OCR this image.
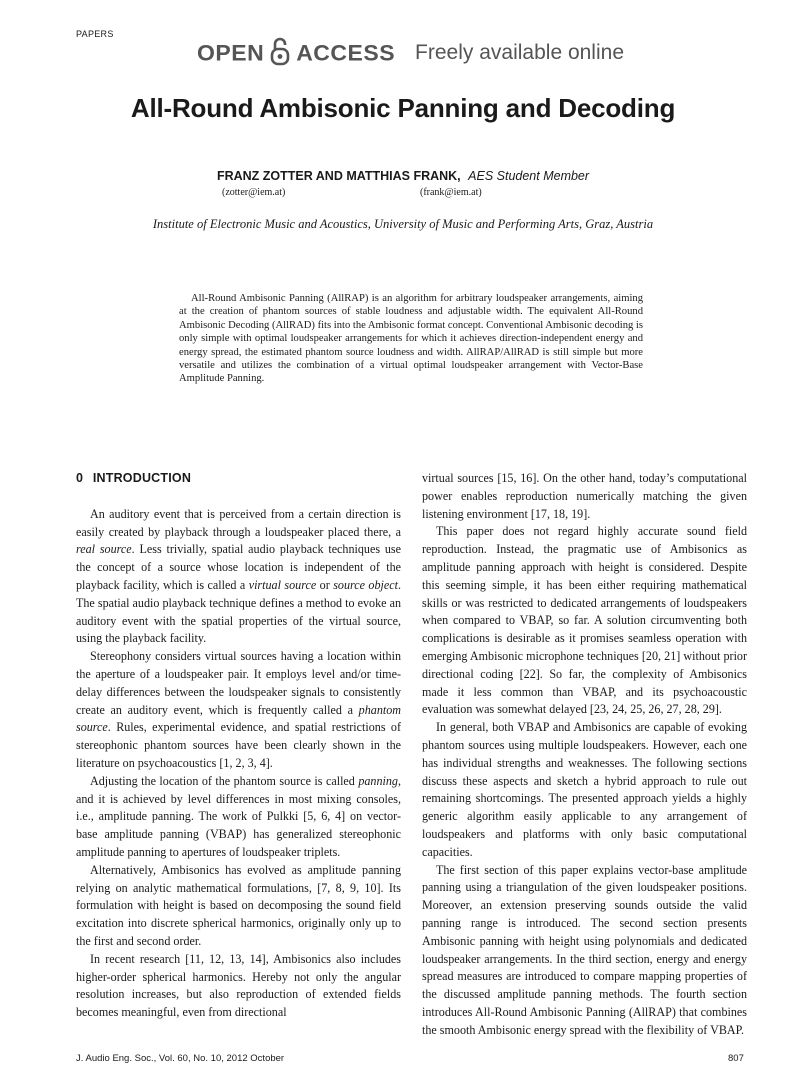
PAPERS
OPEN ACCESS Freely available online
All-Round Ambisonic Panning and Decoding
FRANZ ZOTTER AND MATTHIAS FRANK, AES Student Member
(zotter@iem.at)	(frank@iem.at)
Institute of Electronic Music and Acoustics, University of Music and Performing Arts, Graz, Austria
All-Round Ambisonic Panning (AllRAP) is an algorithm for arbitrary loudspeaker arrangements, aiming at the creation of phantom sources of stable loudness and adjustable width. The equivalent All-Round Ambisonic Decoding (AllRAD) fits into the Ambisonic format concept. Conventional Ambisonic decoding is only simple with optimal loudspeaker arrangements for which it achieves direction-independent energy and energy spread, the estimated phantom source loudness and width. AllRAP/AllRAD is still simple but more versatile and utilizes the combination of a virtual optimal loudspeaker arrangement with Vector-Base Amplitude Panning.
0 INTRODUCTION

An auditory event that is perceived from a certain direction is easily created by playback through a loudspeaker placed there, a real source. Less trivially, spatial audio playback techniques use the concept of a source whose location is independent of the playback facility, which is called a virtual source or source object. The spatial audio playback technique defines a method to evoke an auditory event with the spatial properties of the virtual source, using the playback facility.

Stereophony considers virtual sources having a location within the aperture of a loudspeaker pair. It employs level and/or time-delay differences between the loudspeaker signals to consistently create an auditory event, which is frequently called a phantom source. Rules, experimental evidence, and spatial restrictions of stereophonic phantom sources have been clearly shown in the literature on psychoacoustics [1, 2, 3, 4].

Adjusting the location of the phantom source is called panning, and it is achieved by level differences in most mixing consoles, i.e., amplitude panning. The work of Pulkki [5, 6, 4] on vector-base amplitude panning (VBAP) has generalized stereophonic amplitude panning to apertures of loudspeaker triplets.

Alternatively, Ambisonics has evolved as amplitude panning relying on analytic mathematical formulations, [7, 8, 9, 10]. Its formulation with height is based on decomposing the sound field excitation into discrete spherical harmonics, originally only up to the first and second order.

In recent research [11, 12, 13, 14], Ambisonics also includes higher-order spherical harmonics. Hereby not only the angular resolution increases, but also reproduction of extended fields becomes meaningful, even from directional

virtual sources [15, 16]. On the other hand, today’s computational power enables reproduction numerically matching the given listening environment [17, 18, 19].

This paper does not regard highly accurate sound field reproduction. Instead, the pragmatic use of Ambisonics as amplitude panning approach with height is considered. Despite this seeming simple, it has been either requiring mathematical skills or was restricted to dedicated arrangements of loudspeakers when compared to VBAP, so far. A solution circumventing both complications is desirable as it promises seamless operation with emerging Ambisonic microphone techniques [20, 21] without prior directional coding [22]. So far, the complexity of Ambisonics made it less common than VBAP, and its psychoacoustic evaluation was somewhat delayed [23, 24, 25, 26, 27, 28, 29].

In general, both VBAP and Ambisonics are capable of evoking phantom sources using multiple loudspeakers. However, each one has individual strengths and weaknesses. The following sections discuss these aspects and sketch a hybrid approach to rule out remaining shortcomings. The presented approach yields a highly generic algorithm easily applicable to any arrangement of loudspeakers and platforms with only basic computational capacities.

The first section of this paper explains vector-base amplitude panning using a triangulation of the given loudspeaker positions. Moreover, an extension preserving sounds outside the valid panning range is introduced. The second section presents Ambisonic panning with height using polynomials and dedicated loudspeaker arrangements. In the third section, energy and energy spread measures are introduced to compare mapping properties of the discussed amplitude panning methods. The fourth section introduces All-Round Ambisonic Panning (AllRAP) that combines the smooth Ambisonic energy spread with the flexibility of VBAP.

J. Audio Eng. Soc., Vol. 60, No. 10, 2012 October	807
